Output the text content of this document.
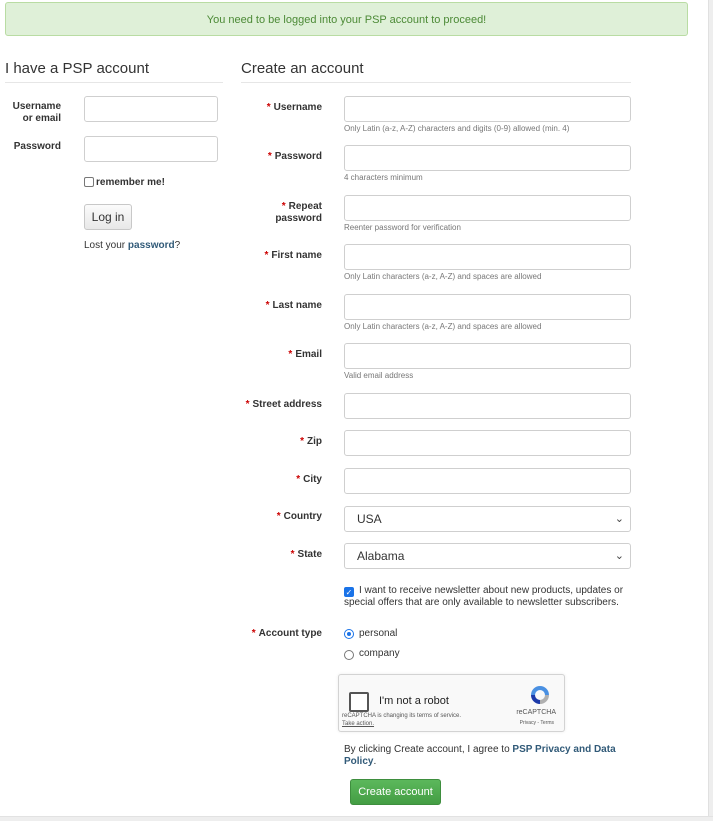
You need to be logged into your PSP account to proceed!
I have a PSP account
Username
or email
Password
remember me!
Log in
Lost your password?
Create an account
* Username
Only Latin (a-z, A-Z) characters and digits (0-9) allowed (min. 4)
* Password
4 characters minimum
* Repeat
password
Reenter password for verification
* First name
Only Latin characters (a-z, A-Z) and spaces are allowed
* Last name
Only Latin characters (a-z, A-Z) and spaces are allowed
* Email
Valid email address
* Street address
* Zip
* City
* Country	USA	⌄
* State	Alabama	⌄
✓ I want to receive newsletter about new products, updates or special offers that are only available to newsletter subscribers.
* Account type	personal
company
I'm not a robot
reCAPTCHA is changing its terms of service.
Take action.
reCAPTCHA
Privacy - Terms
By clicking Create account, I agree to PSP Privacy and Data Policy.
Create account
